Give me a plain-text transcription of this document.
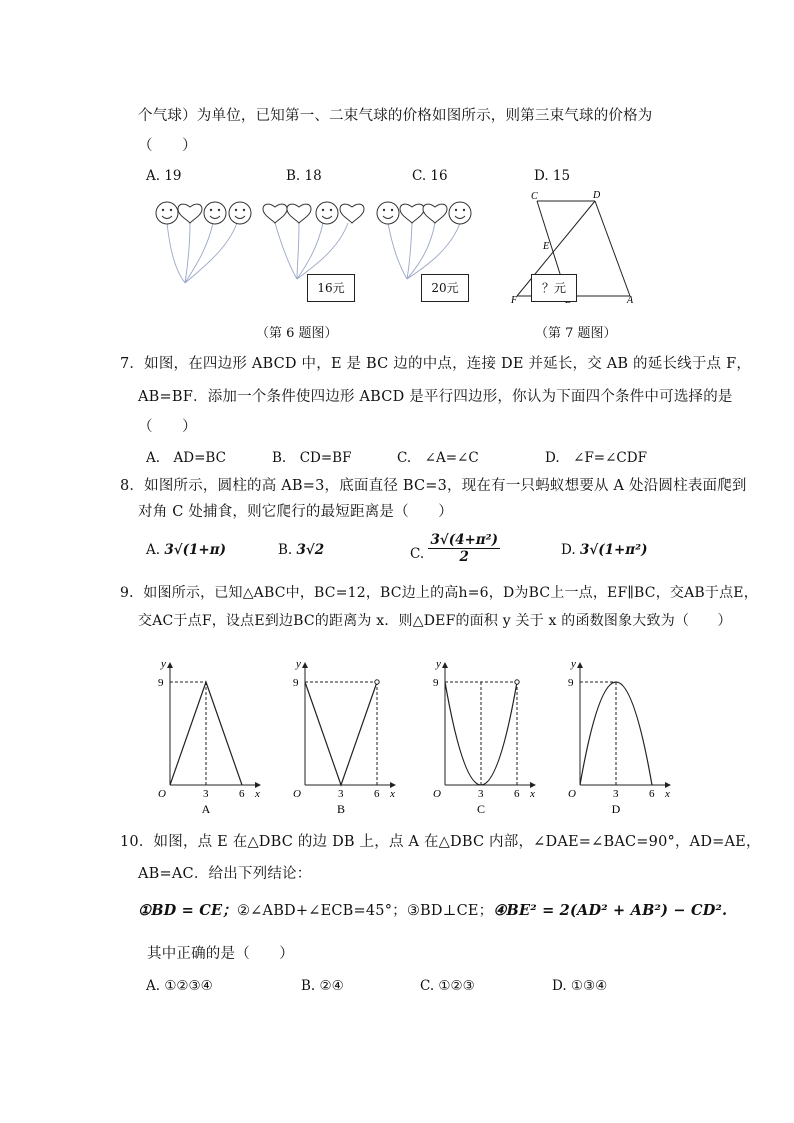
个气球）为单位，已知第一、二束气球的价格如图所示，则第三束气球的价格为
（　　）
A. 19	B. 18	C. 16	D. 15
16元	20元
C	D
E
F	A
？元
（第 6 题图）	（第 7 题图）
7．如图，在四边形 ABCD 中，E 是 BC 边的中点，连接 DE 并延长，交 AB 的延长线于点 F，
AB=BF．添加一个条件使四边形 ABCD 是平行四边形，你认为下面四个条件中可选择的是
（　　）
A.　AD=BC	B.　CD=BF	C.　∠A=∠C	D.　∠F=∠CDF
8．如图所示，圆柱的高 AB=3，底面直径 BC=3，现在有一只蚂蚁想要从 A 处沿圆柱表面爬到
对角 C 处捕食，则它爬行的最短距离是（　　）
A. 3√(1+π)	B. 3√2	C. $\frac{\text{3√(4+π²)}}{2}$	D. 3√(1+π²)
9．如图所示，已知△ABC中，BC=12，BC边上的高h=6，D为BC上一点，EF∥BC，交AB于点E，
交AC于点F，设点E到边BC的距离为 x．则△DEF的面积 y 关于 x 的函数图象大致为（　　）
y
9
O	3	6 x
A
y
9
O	3	6 x
B
y
9
O	3	6 x
C
y
9
O	3	6 x
D
10．如图，点 E 在△DBC 的边 DB 上，点 A 在△DBC 内部，∠DAE=∠BAC=90°，AD=AE，
AB=AC．给出下列结论：
①BD = CE；②∠ABD+∠ECB=45°；③BD⊥CE；④BE² = 2(AD² + AB²) − CD².
其中正确的是（　　）
A. ①②③④	B. ②④	C. ①②③	D. ①③④
